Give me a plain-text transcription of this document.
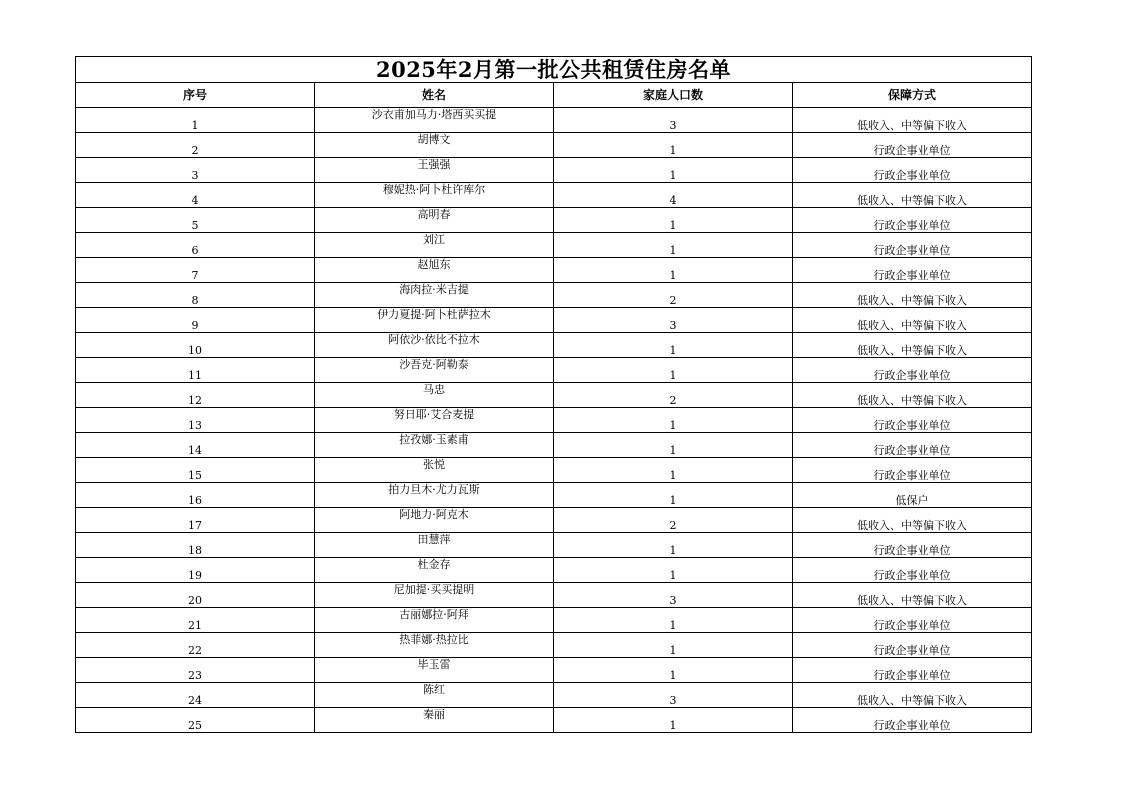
2025年2月第一批公共租赁住房名单			
序号	姓名	家庭人口数	保障方式
1	沙衣甫加马力·塔西买买提	3	低收入、中等偏下收入
2	胡博文	1	行政企事业单位
3	王强强	1	行政企事业单位
4	穆妮热·阿卜杜许库尔	4	低收入、中等偏下收入
5	高明春	1	行政企事业单位
6	刘江	1	行政企事业单位
7	赵旭东	1	行政企事业单位
8	海肉拉·米吉提	2	低收入、中等偏下收入
9	伊力夏提·阿卜杜萨拉木	3	低收入、中等偏下收入
10	阿依沙·依比不拉木	1	低收入、中等偏下收入
11	沙吾克·阿勒泰	1	行政企事业单位
12	马忠	2	低收入、中等偏下收入
13	努日耶·艾合麦提	1	行政企事业单位
14	拉孜娜·玉素甫	1	行政企事业单位
15	张悦	1	行政企事业单位
16	拍力旦木·尤力瓦斯	1	低保户
17	阿地力·阿克木	2	低收入、中等偏下收入
18	田慧萍	1	行政企事业单位
19	杜金存	1	行政企事业单位
20	尼加提·买买提明	3	低收入、中等偏下收入
21	古丽娜拉·阿拜	1	行政企事业单位
22	热菲娜·热拉比	1	行政企事业单位
23	毕玉雷	1	行政企事业单位
24	陈红	3	低收入、中等偏下收入
25	秦丽	1	行政企事业单位
